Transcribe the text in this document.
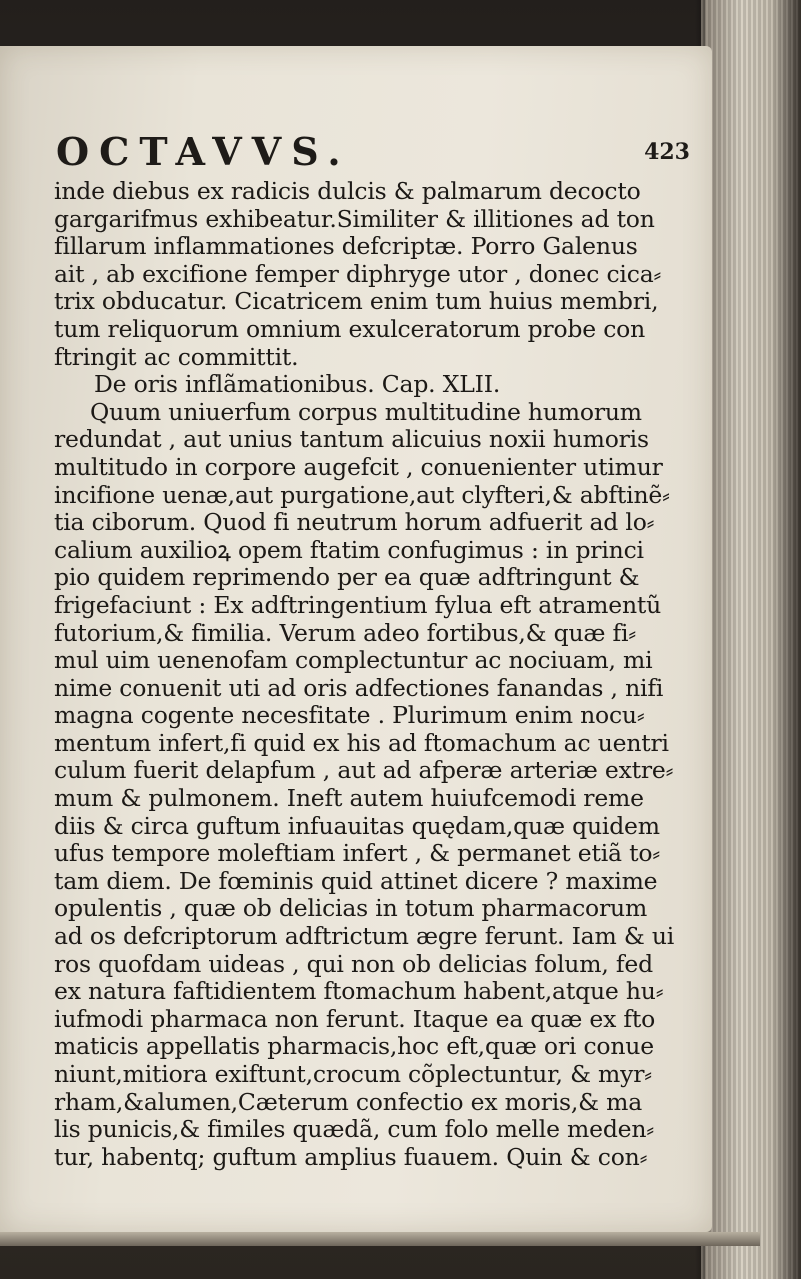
OCTAVVS.	423
inde diebus ex radicis dulcis & palmarum decocto
gargarifmus exhibeatur.Similiter & illitiones ad ton
fillarum inflammationes defcriptæ. Porro Galenus
ait , ab excifione femper diphryge utor , donec cica⸗
trix obducatur. Cicatricem enim tum huius membri,
tum reliquorum omnium exulceratorum probe con
ftringit ac committit.
De oris inflãmationibus. Cap. XLII.
Quum uniuerfum corpus multitudine humorum
redundat , aut unius tantum alicuius noxii humoris
multitudo in corpore augefcit , conuenienter utimur
incifione uenæ,aut purgatione,aut clyfteri,& abftinẽ⸗
tia ciborum. Quod fi neutrum horum adfuerit ad lo⸗
calium auxilioꝝ opem ftatim confugimus : in princi
pio quidem reprimendo per ea quæ adftringunt &
frigefaciunt : Ex adftringentium fylua eft atramentũ
futorium,& fimilia. Verum adeo fortibus,& quæ fi⸗
mul uim uenenofam complectuntur ac nociuam, mi
nime conuenit uti ad oris adfectiones fanandas , nifi
magna cogente necesfitate . Plurimum enim nocu⸗
mentum infert,fi quid ex his ad ftomachum ac uentri
culum fuerit delapfum , aut ad afperæ arteriæ extre⸗
mum & pulmonem. Ineft autem huiufcemodi reme
diis & circa guftum infuauitas quędam,quæ quidem
ufus tempore moleftiam infert , & permanet etiã to⸗
tam diem. De fœminis quid attinet dicere ? maxime
opulentis , quæ ob delicias in totum pharmacorum
ad os defcriptorum adftrictum ægre ferunt. Iam & ui
ros quofdam uideas , qui non ob delicias folum, fed
ex natura faftidientem ftomachum habent,atque hu⸗
iufmodi pharmaca non ferunt. Itaque ea quæ ex fto
maticis appellatis pharmacis,hoc eft,quæ ori conue
niunt,mitiora exiftunt,crocum cõplectuntur, & myr⸗
rham,&alumen,Cæterum confectio ex moris,& ma
lis punicis,& fimiles quædã, cum folo melle meden⸗
tur, habentq; guftum amplius fuauem. Quin & con⸗
